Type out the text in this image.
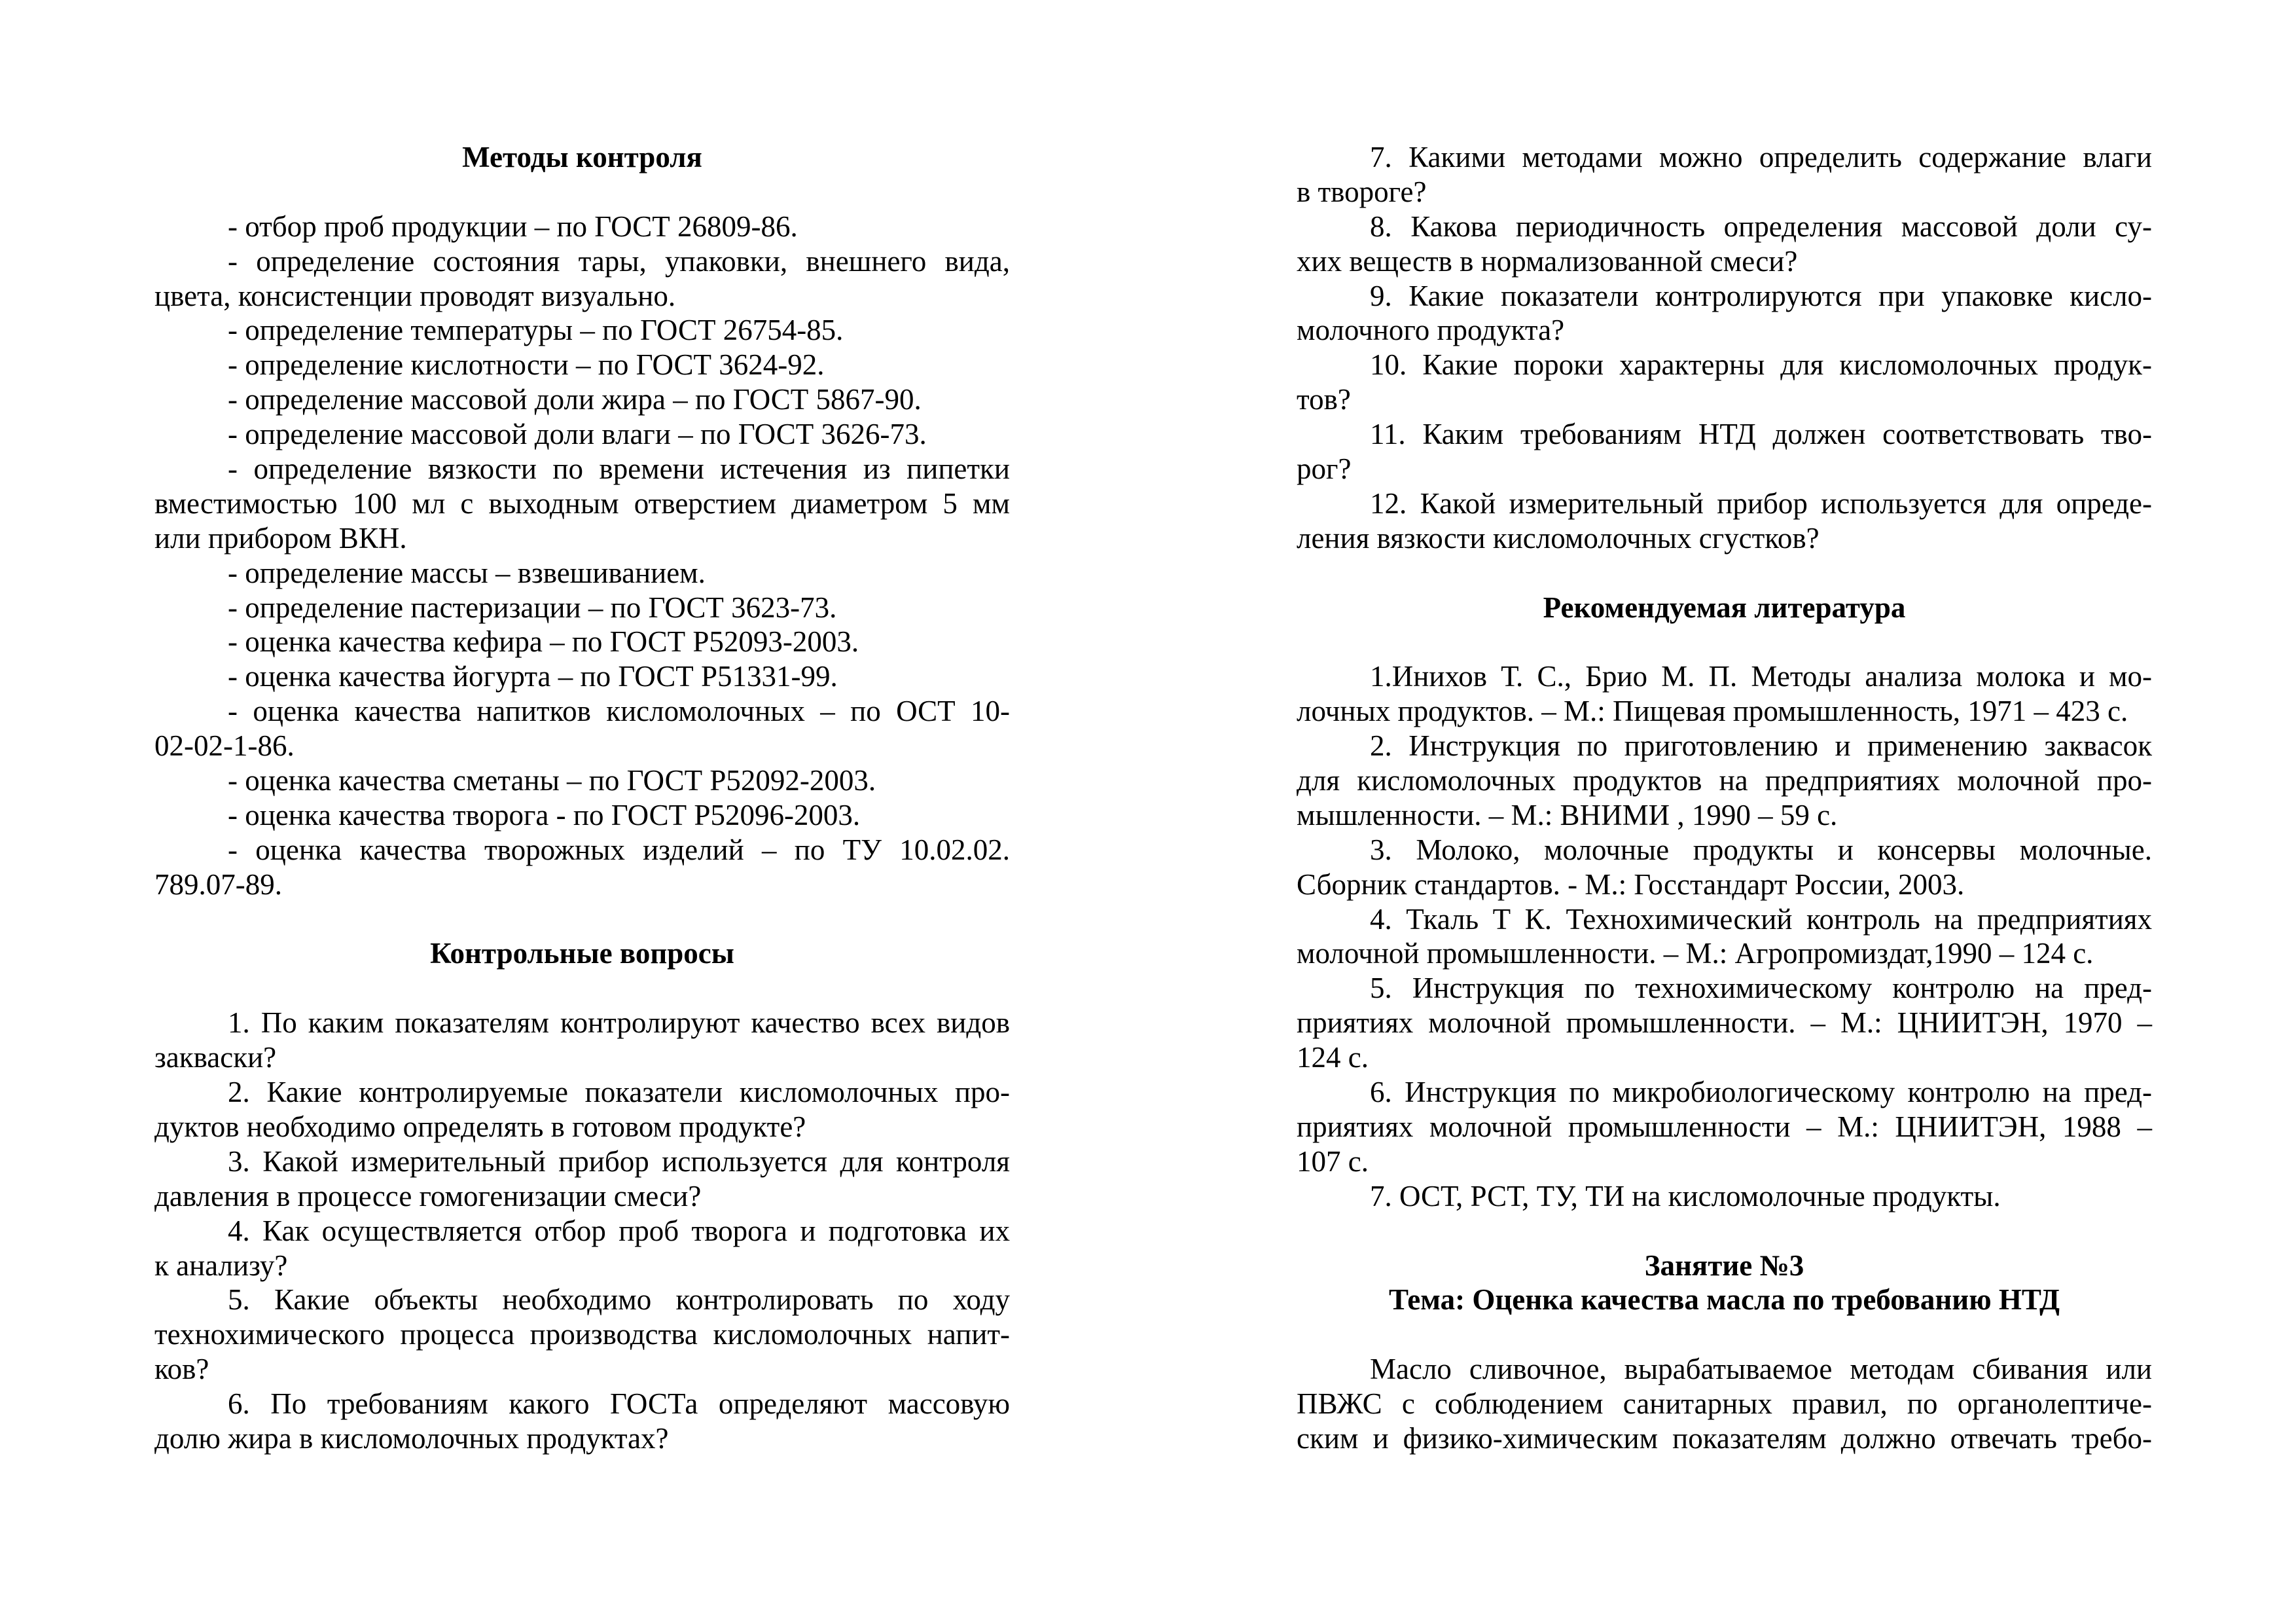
Методы контроля
- отбор проб продукции – по ГОСТ 26809-86.
- определение состояния тары, упаковки, внешнего вида,
цвета, консистенции проводят визуально.
- определение температуры – по ГОСТ 26754-85.
- определение кислотности – по ГОСТ 3624-92.
- определение массовой доли жира – по ГОСТ 5867-90.
- определение массовой доли влаги – по ГОСТ 3626-73.
- определение вязкости по времени истечения из пипетки
вместимостью 100 мл с выходным отверстием диаметром 5 мм
или прибором ВКН.
- определение массы – взвешиванием.
- определение пастеризации – по ГОСТ 3623-73.
- оценка качества кефира – по ГОСТ Р52093-2003.
- оценка качества йогурта – по ГОСТ Р51331-99.
- оценка качества напитков кисломолочных – по ОСТ 10-
02-02-1-86.
- оценка качества сметаны – по ГОСТ Р52092-2003.
- оценка качества творога - по ГОСТ Р52096-2003.
- оценка качества творожных изделий – по ТУ 10.02.02.
789.07-89.
Контрольные вопросы
1. По каким показателям контролируют качество всех видов
закваски?
2. Какие контролируемые показатели кисломолочных про-
дуктов необходимо определять в готовом продукте?
3. Какой измерительный прибор используется для контроля
давления в процессе гомогенизации смеси?
4. Как осуществляется отбор проб творога и подготовка их
к анализу?
5. Какие объекты необходимо контролировать по ходу
технохимического процесса производства кисломолочных напит-
ков?
6. По требованиям какого ГОСТа определяют массовую
долю жира в кисломолочных продуктах?
7. Какими методами можно определить содержание влаги
в твороге?
8. Какова периодичность определения массовой доли су-
хих веществ в нормализованной смеси?
9. Какие показатели контролируются при упаковке кисло-
молочного продукта?
10. Какие пороки характерны для кисломолочных продук-
тов?
11. Каким требованиям НТД должен соответствовать тво-
рог?
12. Какой измерительный прибор используется для опреде-
ления вязкости кисломолочных сгустков?
Рекомендуемая литература
1.Инихов Т. С., Брио М. П. Методы анализа молока и мо-
лочных продуктов. – М.: Пищевая промышленность, 1971 – 423 с.
2. Инструкция по приготовлению и применению заквасок
для кисломолочных продуктов на предприятиях молочной про-
мышленности. – М.: ВНИМИ , 1990 – 59 с.
3. Молоко, молочные продукты и консервы молочные.
Сборник стандартов. - М.: Госстандарт России, 2003.
4. Ткаль Т К. Технохимический контроль на предприятиях
молочной промышленности. – М.: Агропромиздат,1990 – 124 с.
5. Инструкция по технохимическому контролю на пред-
приятиях молочной промышленности. – М.: ЦНИИТЭН, 1970 –
124 с.
6. Инструкция по микробиологическому контролю на пред-
приятиях молочной промышленности – М.: ЦНИИТЭН, 1988 –
107 с.
7. ОСТ, РСТ, ТУ, ТИ на кисломолочные продукты.
Занятие №3
Тема: Оценка качества масла по требованию НТД
Масло сливочное, вырабатываемое методам сбивания или
ПВЖС с соблюдением санитарных правил, по органолептиче-
ским и физико-химическим показателям должно отвечать требо-
